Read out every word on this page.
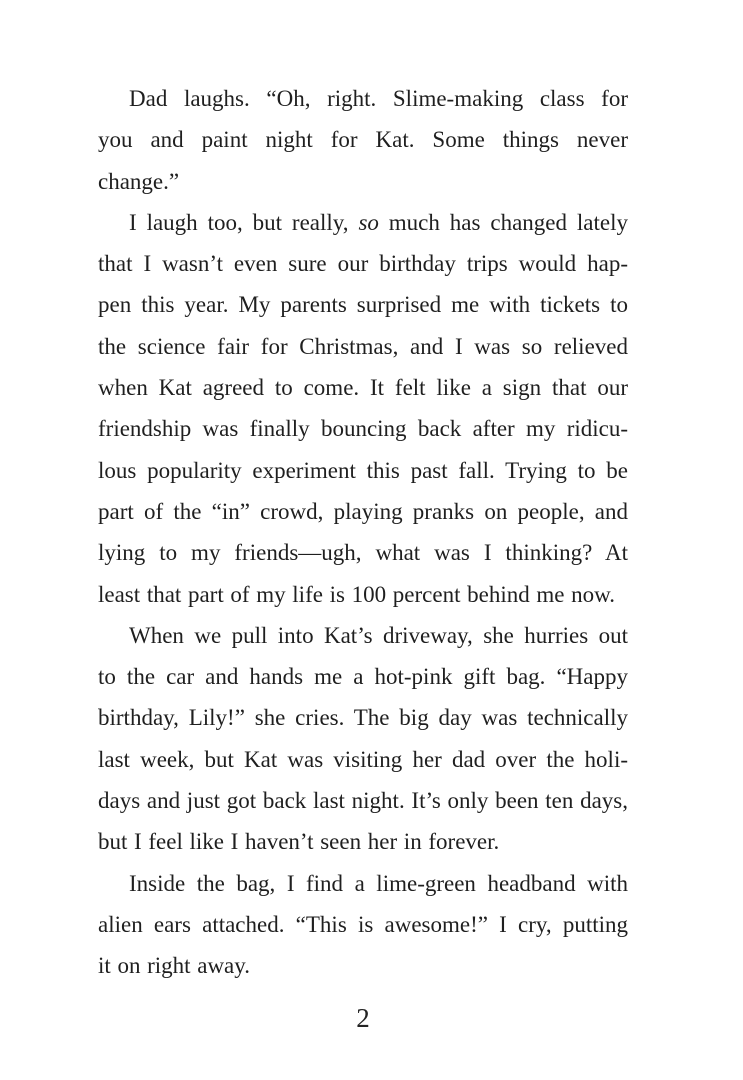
Dad laughs. “Oh, right. Slime-making class for
you and paint night for Kat. Some things never
change.”
I laugh too, but really, so much has changed lately
that I wasn’t even sure our birthday trips would hap-
pen this year. My parents surprised me with tickets to
the science fair for Christmas, and I was so relieved
when Kat agreed to come. It felt like a sign that our
friendship was finally bouncing back after my ridicu-
lous popularity experiment this past fall. Trying to be
part of the “in” crowd, playing pranks on people, and
lying to my friends—ugh, what was I thinking? At
least that part of my life is 100 percent behind me now.
When we pull into Kat’s driveway, she hurries out
to the car and hands me a hot-pink gift bag. “Happy
birthday, Lily!” she cries. The big day was technically
last week, but Kat was visiting her dad over the holi-
days and just got back last night. It’s only been ten days,
but I feel like I haven’t seen her in forever.
Inside the bag, I find a lime-green headband with
alien ears attached. “This is awesome!” I cry, putting
it on right away.
2
